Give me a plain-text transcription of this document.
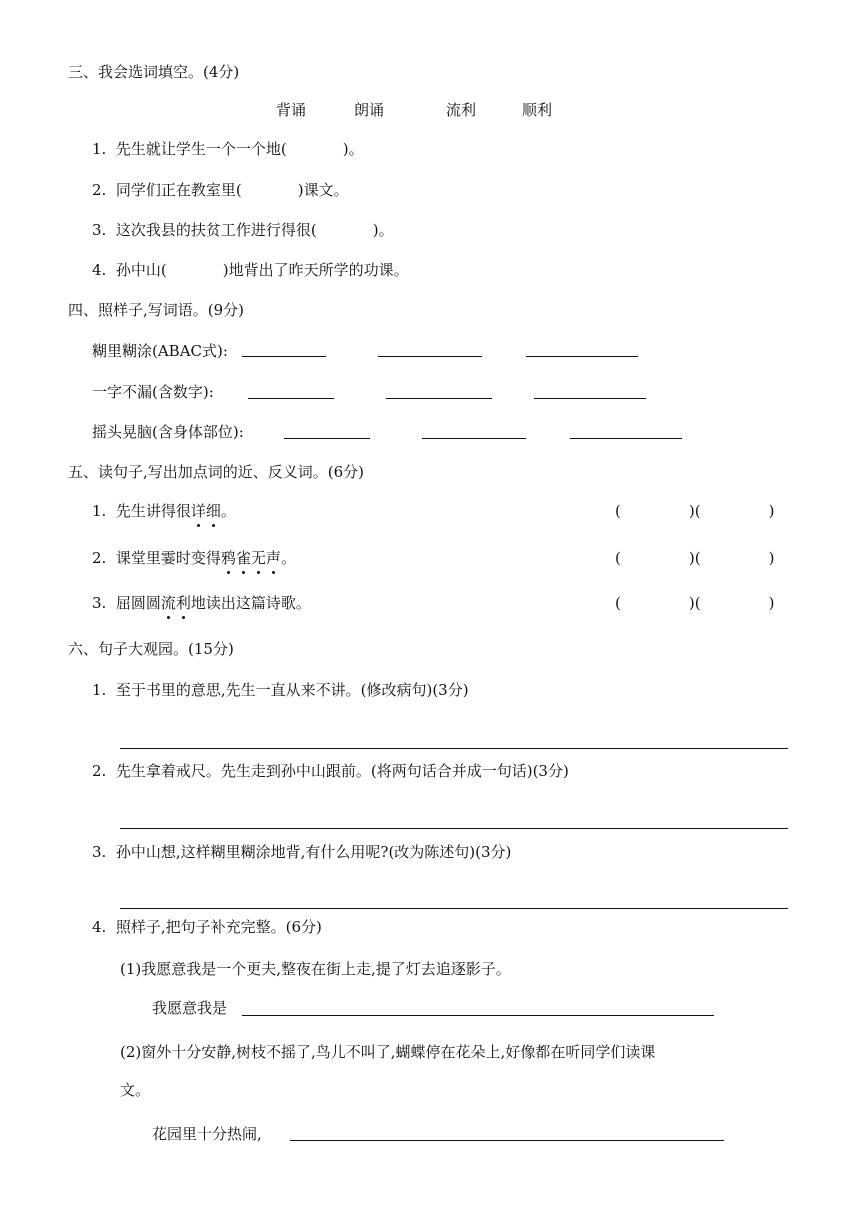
三、我会选词填空。(4分)
背诵	朗诵	流利	顺利
1. 先生就让学生一个一个地(	)。
2. 同学们正在教室里(	)课文。
3. 这次我县的扶贫工作进行得很(	)。
4. 孙中山(	)地背出了昨天所学的功课。
四、照样子,写词语。(9分)
糊里糊涂(ABAC式):
一字不漏(含数字):
摇头晃脑(含身体部位):
五、读句子,写出加点词的近、反义词。(6分)
1. 先生讲得很详细。	(	)(	)
2. 课堂里霎时变得鸦雀无声。	(	)(	)
3. 屈圆圆流利地读出这篇诗歌。	(	)(	)
六、句子大观园。(15分)
1. 至于书里的意思,先生一直从来不讲。(修改病句)(3分)
2. 先生拿着戒尺。先生走到孙中山跟前。(将两句话合并成一句话)(3分)
3. 孙中山想,这样糊里糊涂地背,有什么用呢?(改为陈述句)(3分)
4. 照样子,把句子补充完整。(6分)
(1)我愿意我是一个更夫,整夜在街上走,提了灯去追逐影子。
我愿意我是
(2)窗外十分安静,树枝不摇了,鸟儿不叫了,蝴蝶停在花朵上,好像都在听同学们读课
文。
花园里十分热闹,
